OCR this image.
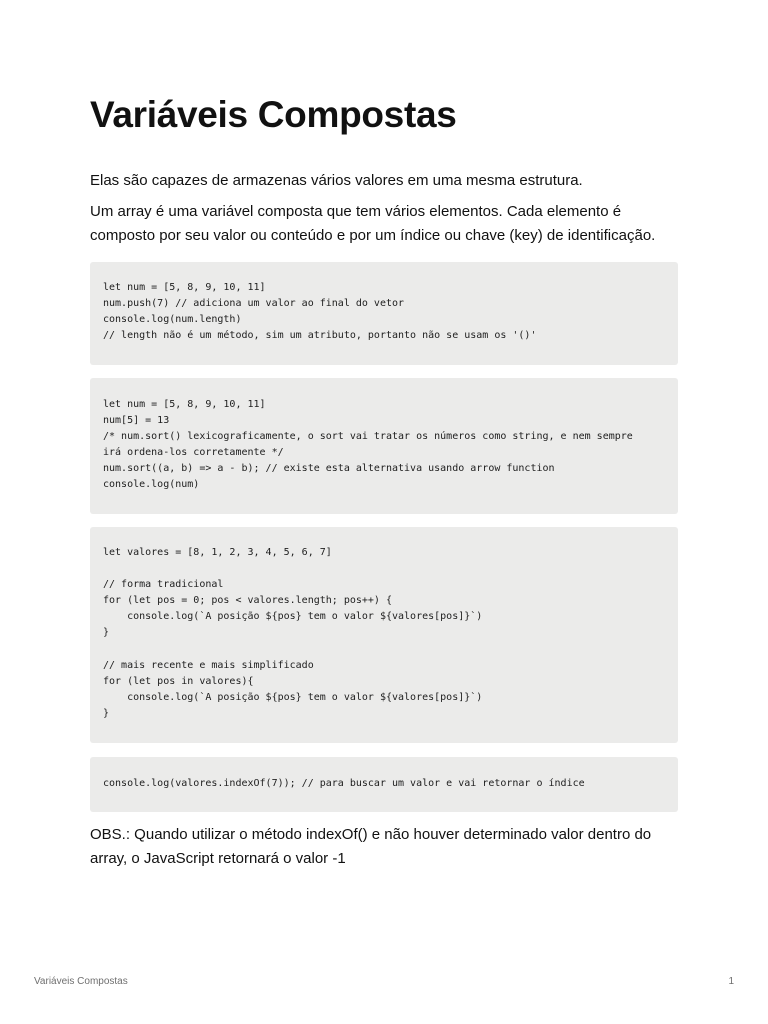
Variáveis Compostas

Elas são capazes de armazenas vários valores em uma mesma estrutura.

Um array é uma variável composta que tem vários elementos. Cada elemento é composto por seu valor ou conteúdo e por um índice ou chave (key) de identificação.

let num = [5, 8, 9, 10, 11]
num.push(7) // adiciona um valor ao final do vetor
console.log(num.length)
// length não é um método, sim um atributo, portanto não se usam os '()'
let num = [5, 8, 9, 10, 11]
num[5] = 13
/* num.sort() lexicograficamente, o sort vai tratar os números como string, e nem sempre
irá ordena-los corretamente */
num.sort((a, b) => a - b); // existe esta alternativa usando arrow function
console.log(num)
let valores = [8, 1, 2, 3, 4, 5, 6, 7]

// forma tradicional
for (let pos = 0; pos < valores.length; pos++) {
console.log(`A posição ${pos} tem o valor ${valores[pos]}`)
}

// mais recente e mais simplificado
for (let pos in valores){
console.log(`A posição ${pos} tem o valor ${valores[pos]}`)
}
console.log(valores.indexOf(7)); // para buscar um valor e vai retornar o índice

OBS.: Quando utilizar o método indexOf() e não houver determinado valor dentro do array, o JavaScript retornará o valor -1

Variáveis Compostas	1
